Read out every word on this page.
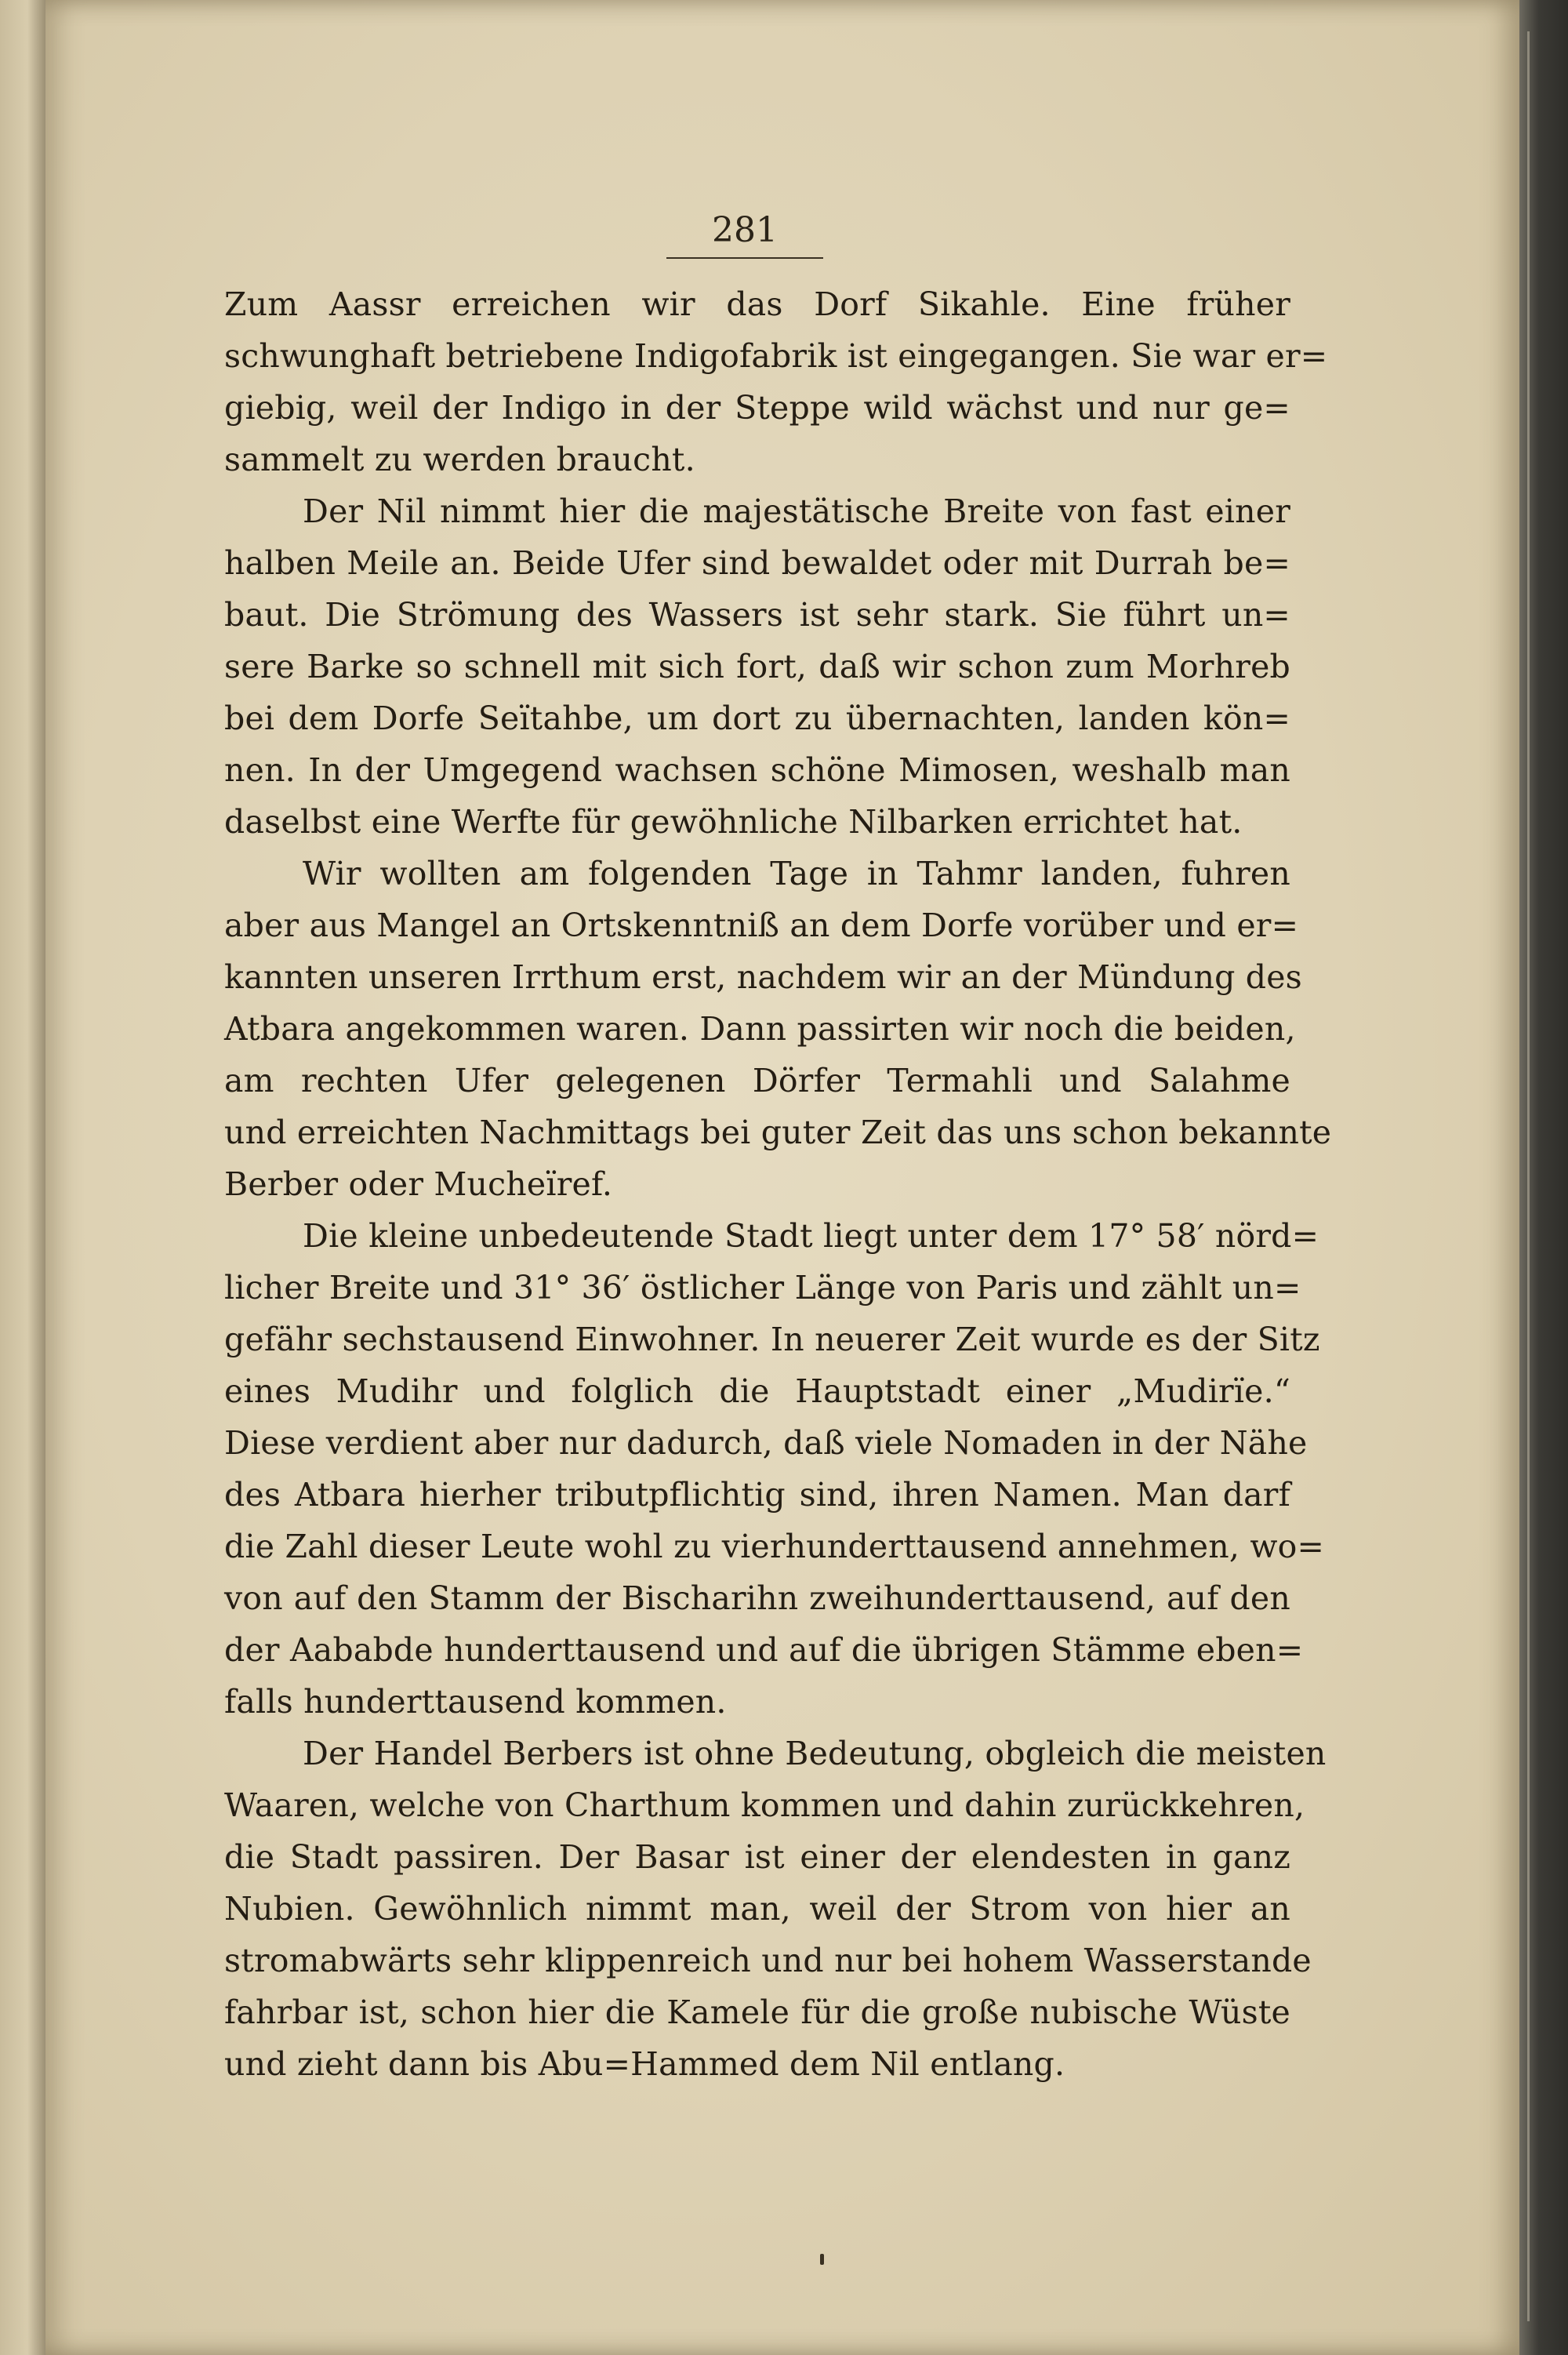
281
Zum Aassr erreichen wir das Dorf Sikahle. Eine früher
schwunghaft betriebene Indigofabrik ist eingegangen. Sie war er=
giebig, weil der Indigo in der Steppe wild wächst und nur ge=
sammelt zu werden braucht.
Der Nil nimmt hier die majestätische Breite von fast einer
halben Meile an. Beide Ufer sind bewaldet oder mit Durrah be=
baut. Die Strömung des Wassers ist sehr stark. Sie führt un=
sere Barke so schnell mit sich fort, daß wir schon zum Morhreb
bei dem Dorfe Seïtahbe, um dort zu übernachten, landen kön=
nen. In der Umgegend wachsen schöne Mimosen, weshalb man
daselbst eine Werfte für gewöhnliche Nilbarken errichtet hat.
Wir wollten am folgenden Tage in Tahmr landen, fuhren
aber aus Mangel an Ortskenntniß an dem Dorfe vorüber und er=
kannten unseren Irrthum erst, nachdem wir an der Mündung des
Atbara angekommen waren. Dann passirten wir noch die beiden,
am rechten Ufer gelegenen Dörfer Termahli und Salahme
und erreichten Nachmittags bei guter Zeit das uns schon bekannte
Berber oder Mucheïref.
Die kleine unbedeutende Stadt liegt unter dem 17° 58′ nörd=
licher Breite und 31° 36′ östlicher Länge von Paris und zählt un=
gefähr sechstausend Einwohner. In neuerer Zeit wurde es der Sitz
eines Mudihr und folglich die Hauptstadt einer „Mudirïe.“
Diese verdient aber nur dadurch, daß viele Nomaden in der Nähe
des Atbara hierher tributpflichtig sind, ihren Namen. Man darf
die Zahl dieser Leute wohl zu vierhunderttausend annehmen, wo=
von auf den Stamm der Bischarihn zweihunderttausend, auf den
der Aababde hunderttausend und auf die übrigen Stämme eben=
falls hunderttausend kommen.
Der Handel Berbers ist ohne Bedeutung, obgleich die meisten
Waaren, welche von Charthum kommen und dahin zurückkehren,
die Stadt passiren. Der Basar ist einer der elendesten in ganz
Nubien. Gewöhnlich nimmt man, weil der Strom von hier an
stromabwärts sehr klippenreich und nur bei hohem Wasserstande
fahrbar ist, schon hier die Kamele für die große nubische Wüste
und zieht dann bis Abu=Hammed dem Nil entlang.
